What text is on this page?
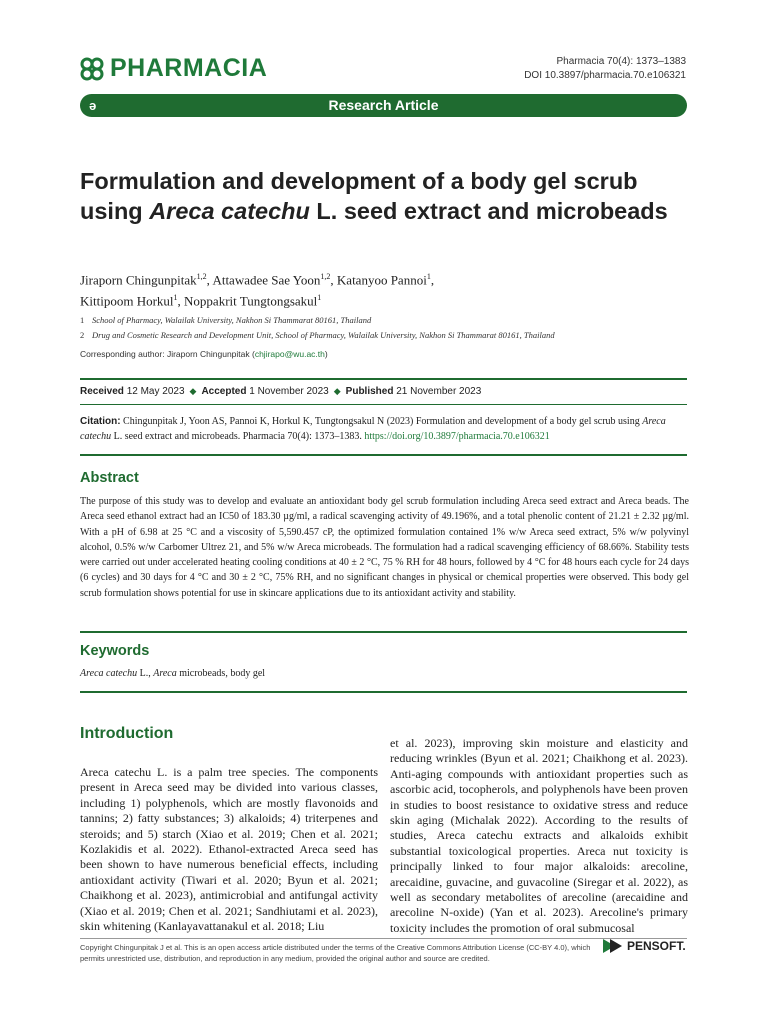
PHARMACIA	Pharmacia 70(4): 1373–1383
DOI 10.3897/pharmacia.70.e106321
ə	Research Article
Formulation and development of a body gel scrub using Areca catechu L. seed extract and microbeads
Jiraporn Chingunpitak$^{1,2}$, Attawadee Sae Yoon$^{1,2}$, Katanyoo Pannoi$^1$,
Kittipoom Horkul$^1$, Noppakrit Tungtongsakul$^1$
1 School of Pharmacy, Walailak University, Nakhon Si Thammarat 80161, Thailand
2 Drug and Cosmetic Research and Development Unit, School of Pharmacy, Walailak University, Nakhon Si Thammarat 80161, Thailand
Corresponding author: Jiraporn Chingunpitak (chjirapo@wu.ac.th)
Received 12 May 2023 ◆ Accepted 1 November 2023 ◆ Published 21 November 2023
Citation: Chingunpitak J, Yoon AS, Pannoi K, Horkul K, Tungtongsakul N (2023) Formulation and development of a body gel scrub using Areca catechu L. seed extract and microbeads. Pharmacia 70(4): 1373–1383. https://doi.org/10.3897/pharmacia.70.e106321
Abstract
The purpose of this study was to develop and evaluate an antioxidant body gel scrub formulation including Areca seed extract and Areca beads. The Areca seed ethanol extract had an IC50 of 183.30 µg/ml, a radical scavenging activity of 49.196%, and a total phenolic content of 21.21 ± 2.32 µg/ml. With a pH of 6.98 at 25 °C and a viscosity of 5,590.457 cP, the optimized formulation contained 1% w/w Areca seed extract, 5% w/w polyvinyl alcohol, 0.5% w/w Carbomer Ultrez 21, and 5% w/w Areca microbeads. The formulation had a radical scavenging efficiency of 68.66%. Stability tests were carried out under accelerated heating cooling conditions at 40 ± 2 °C, 75 % RH for 48 hours, followed by 4 °C for 48 hours each cycle for 24 days (6 cycles) and 30 days for 4 °C and 30 ± 2 °C, 75% RH, and no significant changes in physical or chemical properties were observed. This body gel scrub formulation shows potential for use in skincare applications due to its antioxidant activity and stability.
Keywords
Areca catechu L., Areca microbeads, body gel
Introduction
Areca catechu L. is a palm tree species. The components present in Areca seed may be divided into various classes, including 1) polyphenols, which are mostly flavonoids and tannins; 2) fatty substances; 3) alkaloids; 4) triterpenes and steroids; and 5) starch (Xiao et al. 2019; Chen et al. 2021; Kozlakidis et al. 2022). Ethanol-extracted Areca seed has been shown to have numerous beneficial effects, including antioxidant activity (Tiwari et al. 2020; Byun et al. 2021; Chaikhong et al. 2023), antimicrobial and antifungal activity (Xiao et al. 2019; Chen et al. 2021; Sandhiutami et al. 2023), skin whitening (Kanlayavattanakul et al. 2018; Liu
et al. 2023), improving skin moisture and elasticity and reducing wrinkles (Byun et al. 2021; Chaikhong et al. 2023). Anti-aging compounds with antioxidant properties such as ascorbic acid, tocopherols, and polyphenols have been proven in studies to boost resistance to oxidative stress and reduce skin aging (Michalak 2022). According to the results of studies, Areca catechu extracts and alkaloids exhibit substantial toxicological properties. Areca nut toxicity is principally linked to four major alkaloids: arecoline, arecaidine, guvacine, and guvacoline (Siregar et al. 2022), as well as secondary metabolites of arecoline (arecaidine and arecoline N-oxide) (Yan et al. 2023). Arecoline's primary toxicity includes the promotion of oral submucosal
Copyright Chingunpitak J et al. This is an open access article distributed under the terms of the Creative Commons Attribution License (CC-BY 4.0), which permits unrestricted use, distribution, and reproduction in any medium, provided the original author and source are credited.
PENSOFT.
